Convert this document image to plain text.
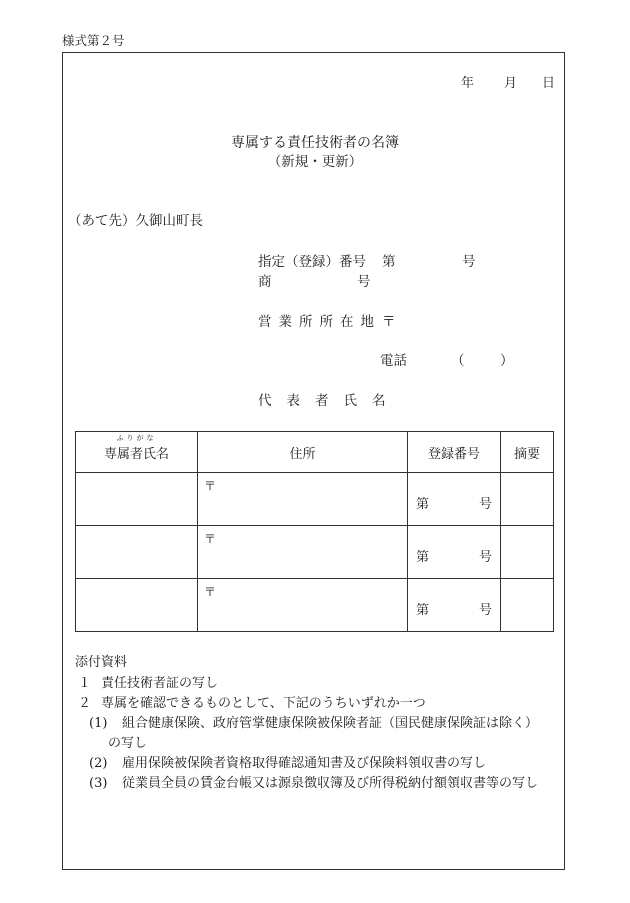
様式第２号
年 月 日
専属する責任技術者の名簿
（新規・更新）
（あて先）久御山町長
指定（登録）番号 第	号
商	号
営業所所在地 〒
電話	（	）
代表者氏名
ふりがな
専属者氏名	住所	登録番号	摘要

	〒	第 号	

	〒	第 号	

	〒	第 号	

添付資料
１ 責任技術者証の写し
２ 専属を確認できるものとして、下記のうちいずれか一つ
(1) 組合健康保険、政府管掌健康保険被保険者証（国民健康保険証は除く）
の写し
(2) 雇用保険被保険者資格取得確認通知書及び保険料領収書の写し
(3) 従業員全員の賃金台帳又は源泉徴収簿及び所得税納付額領収書等の写し
